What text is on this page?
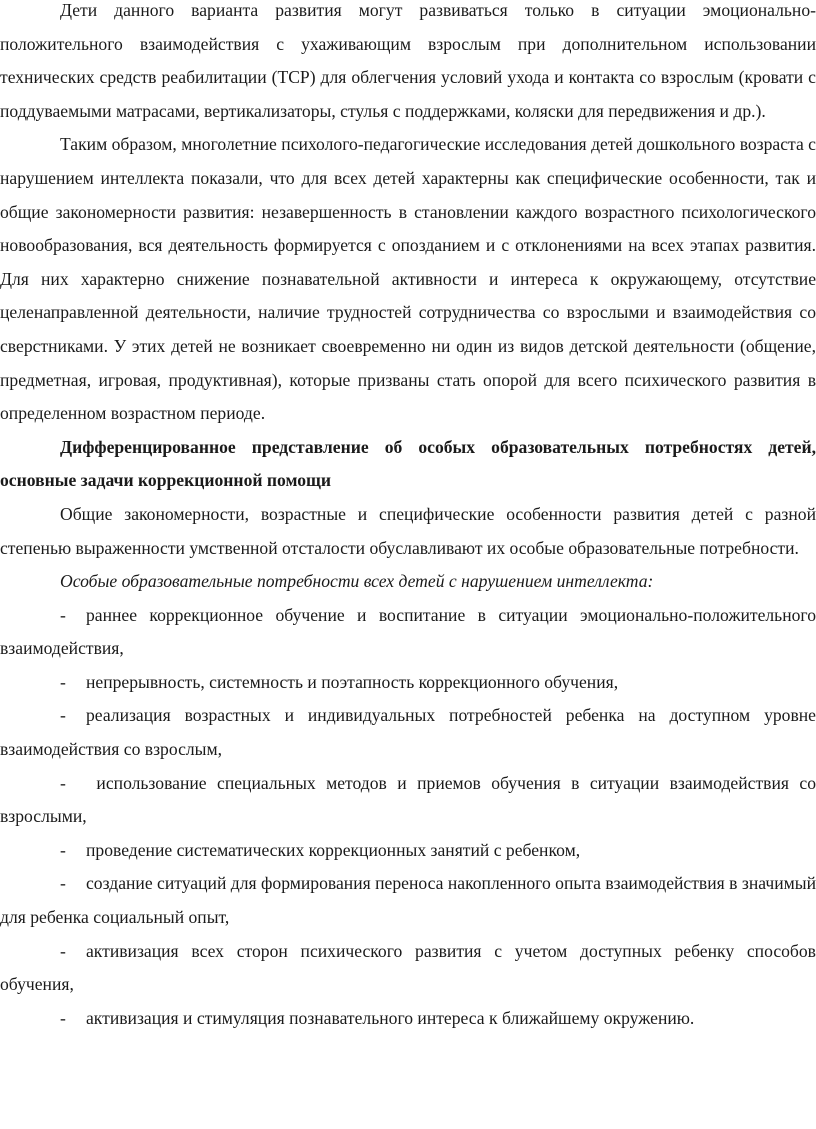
Дети данного варианта развития могут развиваться только в ситуации эмоционально-положительного взаимодействия с ухаживающим взрослым при дополнительном использовании технических средств реабилитации (ТСР) для облегчения условий ухода и контакта со взрослым (кровати с поддуваемыми матрасами, вертикализаторы, стулья с поддержками, коляски для передвижения и др.).

Таким образом, многолетние психолого-педагогические исследования детей дошкольного возраста с нарушением интеллекта показали, что для всех детей характерны как специфические особенности, так и общие закономерности развития: незавершенность в становлении каждого возрастного психологического новообразования, вся деятельность формируется с опозданием и с отклонениями на всех этапах развития. Для них характерно снижение познавательной активности и интереса к окружающему, отсутствие целенаправленной деятельности, наличие трудностей сотрудничества со взрослыми и взаимодействия со сверстниками. У этих детей не возникает своевременно ни один из видов детской деятельности (общение, предметная, игровая, продуктивная), которые призваны стать опорой для всего психического развития в определенном возрастном периоде.

Дифференцированное представление об особых образовательных потребностях детей, основные задачи коррекционной помощи

Общие закономерности, возрастные и специфические особенности развития детей с разной степенью выраженности умственной отсталости обуславливают их особые образовательные потребности.

Особые образовательные потребности всех детей с нарушением интеллекта:

- раннее коррекционное обучение и воспитание в ситуации эмоционально-положительного взаимодействия,

- непрерывность, системность и поэтапность коррекционного обучения,

- реализация возрастных и индивидуальных потребностей ребенка на доступном уровне взаимодействия со взрослым,

- использование специальных методов и приемов обучения в ситуации взаимодействия со взрослыми,

- проведение систематических коррекционных занятий с ребенком,

- создание ситуаций для формирования переноса накопленного опыта взаимодействия в значимый для ребенка социальный опыт,

- активизация всех сторон психического развития с учетом доступных ребенку способов обучения,

- активизация и стимуляция познавательного интереса к ближайшему окружению.
